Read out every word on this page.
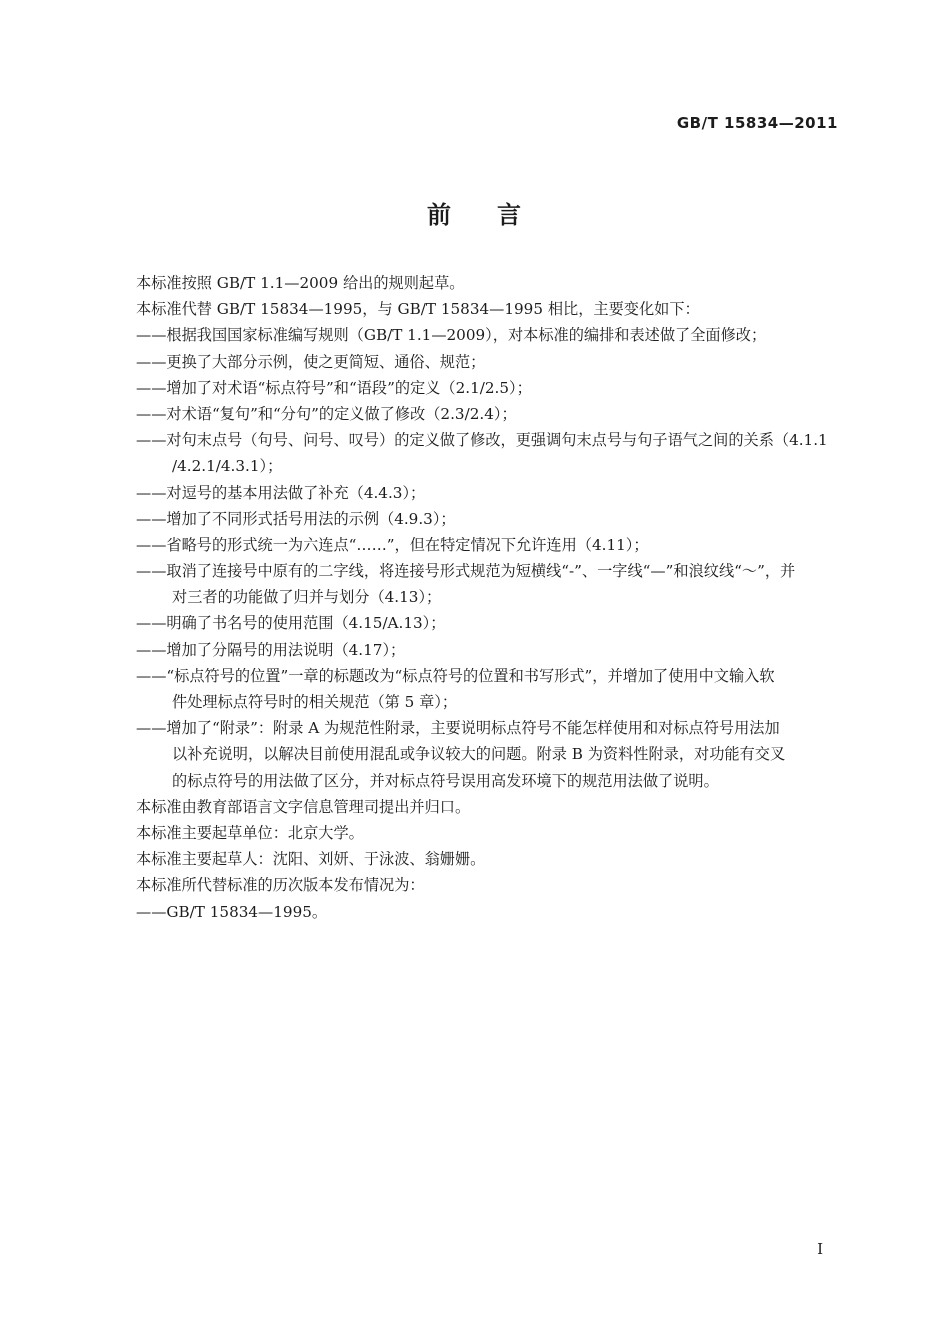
GB/T 15834—2011
前 言
本标准按照 GB/T 1.1—2009 给出的规则起草。
本标准代替 GB/T 15834—1995，与 GB/T 15834—1995 相比，主要变化如下：
——根据我国国家标准编写规则（GB/T 1.1—2009），对本标准的编排和表述做了全面修改；
——更换了大部分示例，使之更简短、通俗、规范；
——增加了对术语“标点符号”和“语段”的定义（2.1/2.5）；
——对术语“复句”和“分句”的定义做了修改（2.3/2.4）；
——对句末点号（句号、问号、叹号）的定义做了修改，更强调句末点号与句子语气之间的关系（4.1.1
/4.2.1/4.3.1）；
——对逗号的基本用法做了补充（4.4.3）；
——增加了不同形式括号用法的示例（4.9.3）；
——省略号的形式统一为六连点“……”，但在特定情况下允许连用（4.11）；
——取消了连接号中原有的二字线，将连接号形式规范为短横线“-”、一字线“—”和浪纹线“～”，并
对三者的功能做了归并与划分（4.13）；
——明确了书名号的使用范围（4.15/A.13）；
——增加了分隔号的用法说明（4.17）；
——“标点符号的位置”一章的标题改为“标点符号的位置和书写形式”，并增加了使用中文输入软
件处理标点符号时的相关规范（第 5 章）；
——增加了“附录”：附录 A 为规范性附录，主要说明标点符号不能怎样使用和对标点符号用法加
以补充说明，以解决目前使用混乱或争议较大的问题。附录 B 为资料性附录，对功能有交叉
的标点符号的用法做了区分，并对标点符号误用高发环境下的规范用法做了说明。
本标准由教育部语言文字信息管理司提出并归口。
本标准主要起草单位：北京大学。
本标准主要起草人：沈阳、刘妍、于泳波、翁姗姗。
本标准所代替标准的历次版本发布情况为：
——GB/T 15834—1995。
I
